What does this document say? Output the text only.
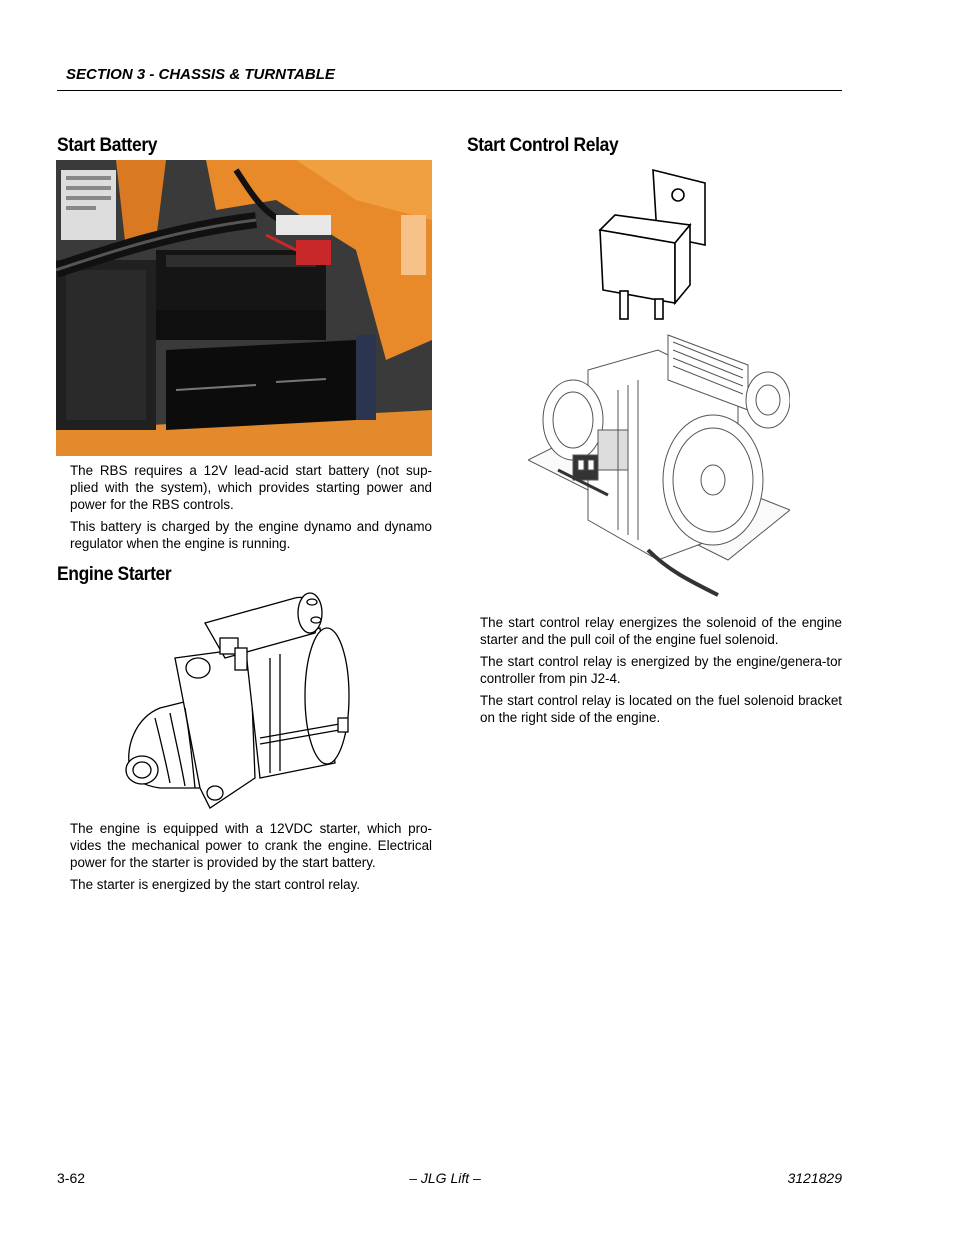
SECTION 3 - CHASSIS & TURNTABLE
Start Battery

The RBS requires a 12V lead-acid start battery (not sup-plied with the system), which provides starting power and power for the RBS controls.

This battery is charged by the engine dynamo and dynamo regulator when the engine is running.

Engine Starter

The engine is equipped with a 12VDC starter, which pro-vides the mechanical power to crank the engine. Electrical power for the starter is provided by the start battery.

The starter is energized by the start control relay.

Start Control Relay

The start control relay energizes the solenoid of the engine starter and the pull coil of the engine fuel solenoid.

The start control relay is energized by the engine/genera-tor controller from pin J2-4.

The start control relay is located on the fuel solenoid bracket on the right side of the engine.

3-62	– JLG Lift –	3121829
